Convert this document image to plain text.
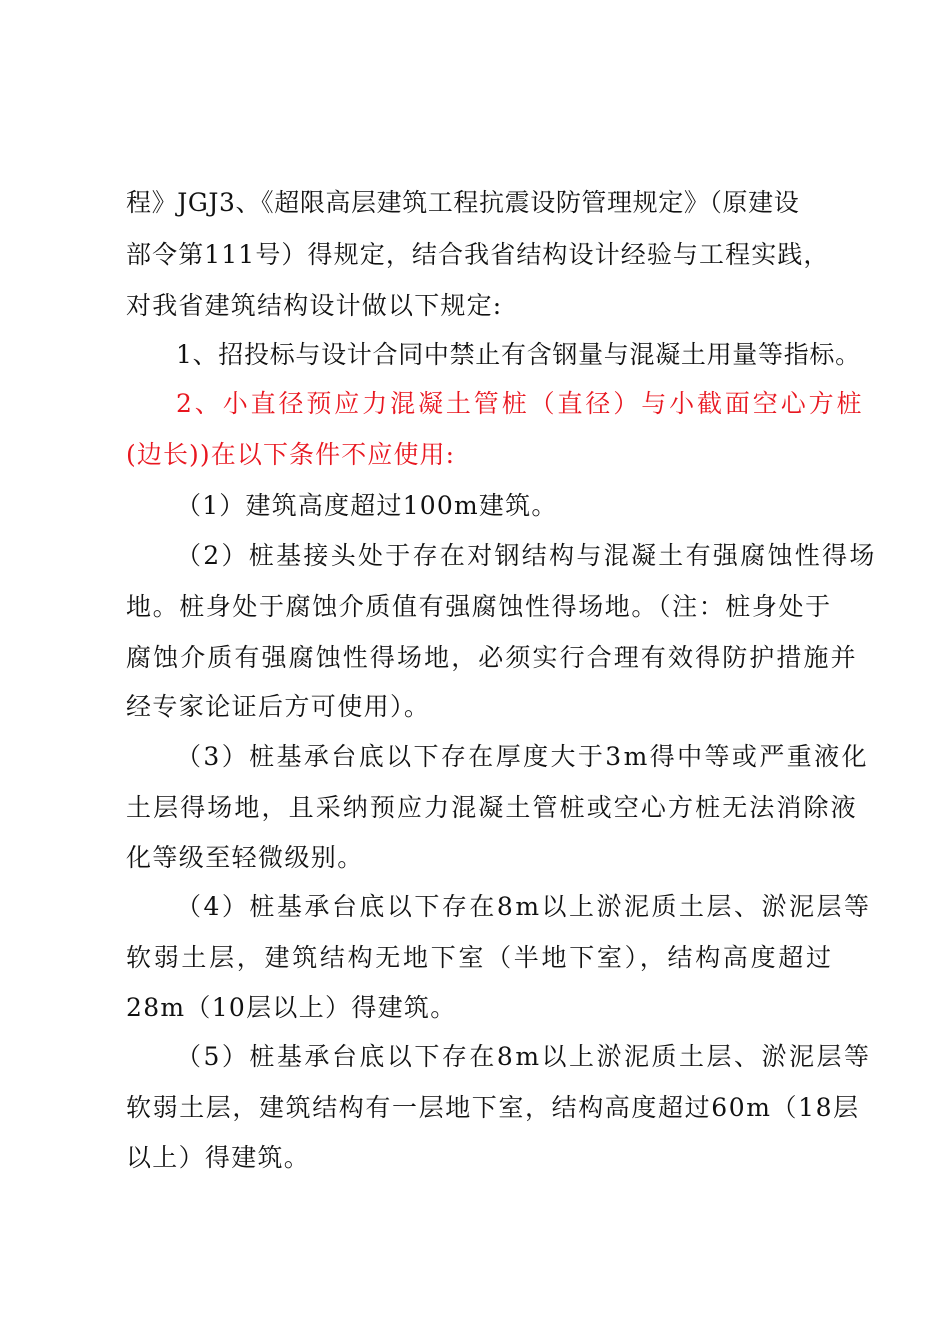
程》JGJ3、《超限高层建筑工程抗震设防管理规定》（原建设
部令第111号）得规定，结合我省结构设计经验与工程实践，
对我省建筑结构设计做以下规定:
1、招投标与设计合同中禁止有含钢量与混凝土用量等指标。
2、小直径预应力混凝土管桩（直径）与小截面空心方桩
(边长))在以下条件不应使用:
（1）建筑高度超过100m建筑。
（2）桩基接头处于存在对钢结构与混凝土有强腐蚀性得场
地。桩身处于腐蚀介质值有强腐蚀性得场地。（注：桩身处于
腐蚀介质有强腐蚀性得场地，必须实行合理有效得防护措施并
经专家论证后方可使用）。
（3）桩基承台底以下存在厚度大于3m得中等或严重液化
土层得场地，且采纳预应力混凝土管桩或空心方桩无法消除液
化等级至轻微级别。
（4）桩基承台底以下存在8m以上淤泥质土层、淤泥层等
软弱土层，建筑结构无地下室（半地下室），结构高度超过
28m（10层以上）得建筑。
（5）桩基承台底以下存在8m以上淤泥质土层、淤泥层等
软弱土层，建筑结构有一层地下室，结构高度超过60m（18层
以上）得建筑。
